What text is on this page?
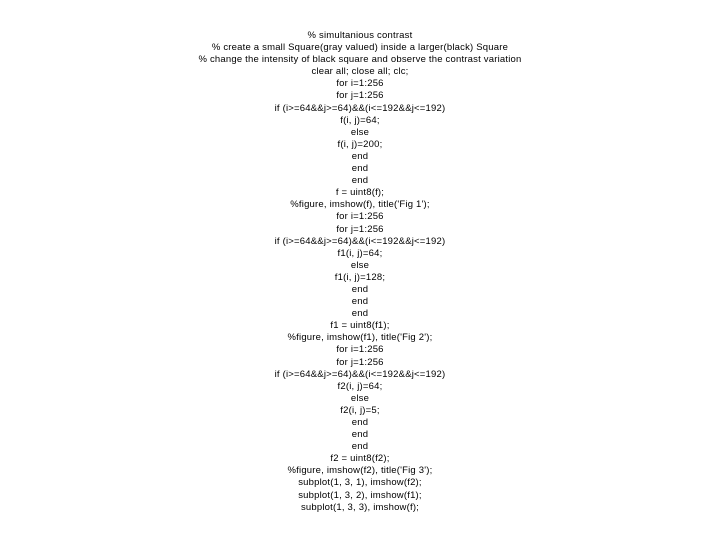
% simultanious contrast
% create a small Square(gray valued) inside a larger(black) Square
% change the intensity of black square and observe the contrast variation
clear all; close all; clc;
for i=1:256
for j=1:256
if (i>=64&&j>=64)&&(i<=192&&j<=192)
f(i, j)=64;
else
f(i, j)=200;
end
end
end
f = uint8(f);
%figure, imshow(f), title('Fig 1');
for i=1:256
for j=1:256
if (i>=64&&j>=64)&&(i<=192&&j<=192)
f1(i, j)=64;
else
f1(i, j)=128;
end
end
end
f1 = uint8(f1);
%figure, imshow(f1), title('Fig 2');
for i=1:256
for j=1:256
if (i>=64&&j>=64)&&(i<=192&&j<=192)
f2(i, j)=64;
else
f2(i, j)=5;
end
end
end
f2 = uint8(f2);
%figure, imshow(f2), title('Fig 3');
subplot(1, 3, 1), imshow(f2);
subplot(1, 3, 2), imshow(f1);
subplot(1, 3, 3), imshow(f);
